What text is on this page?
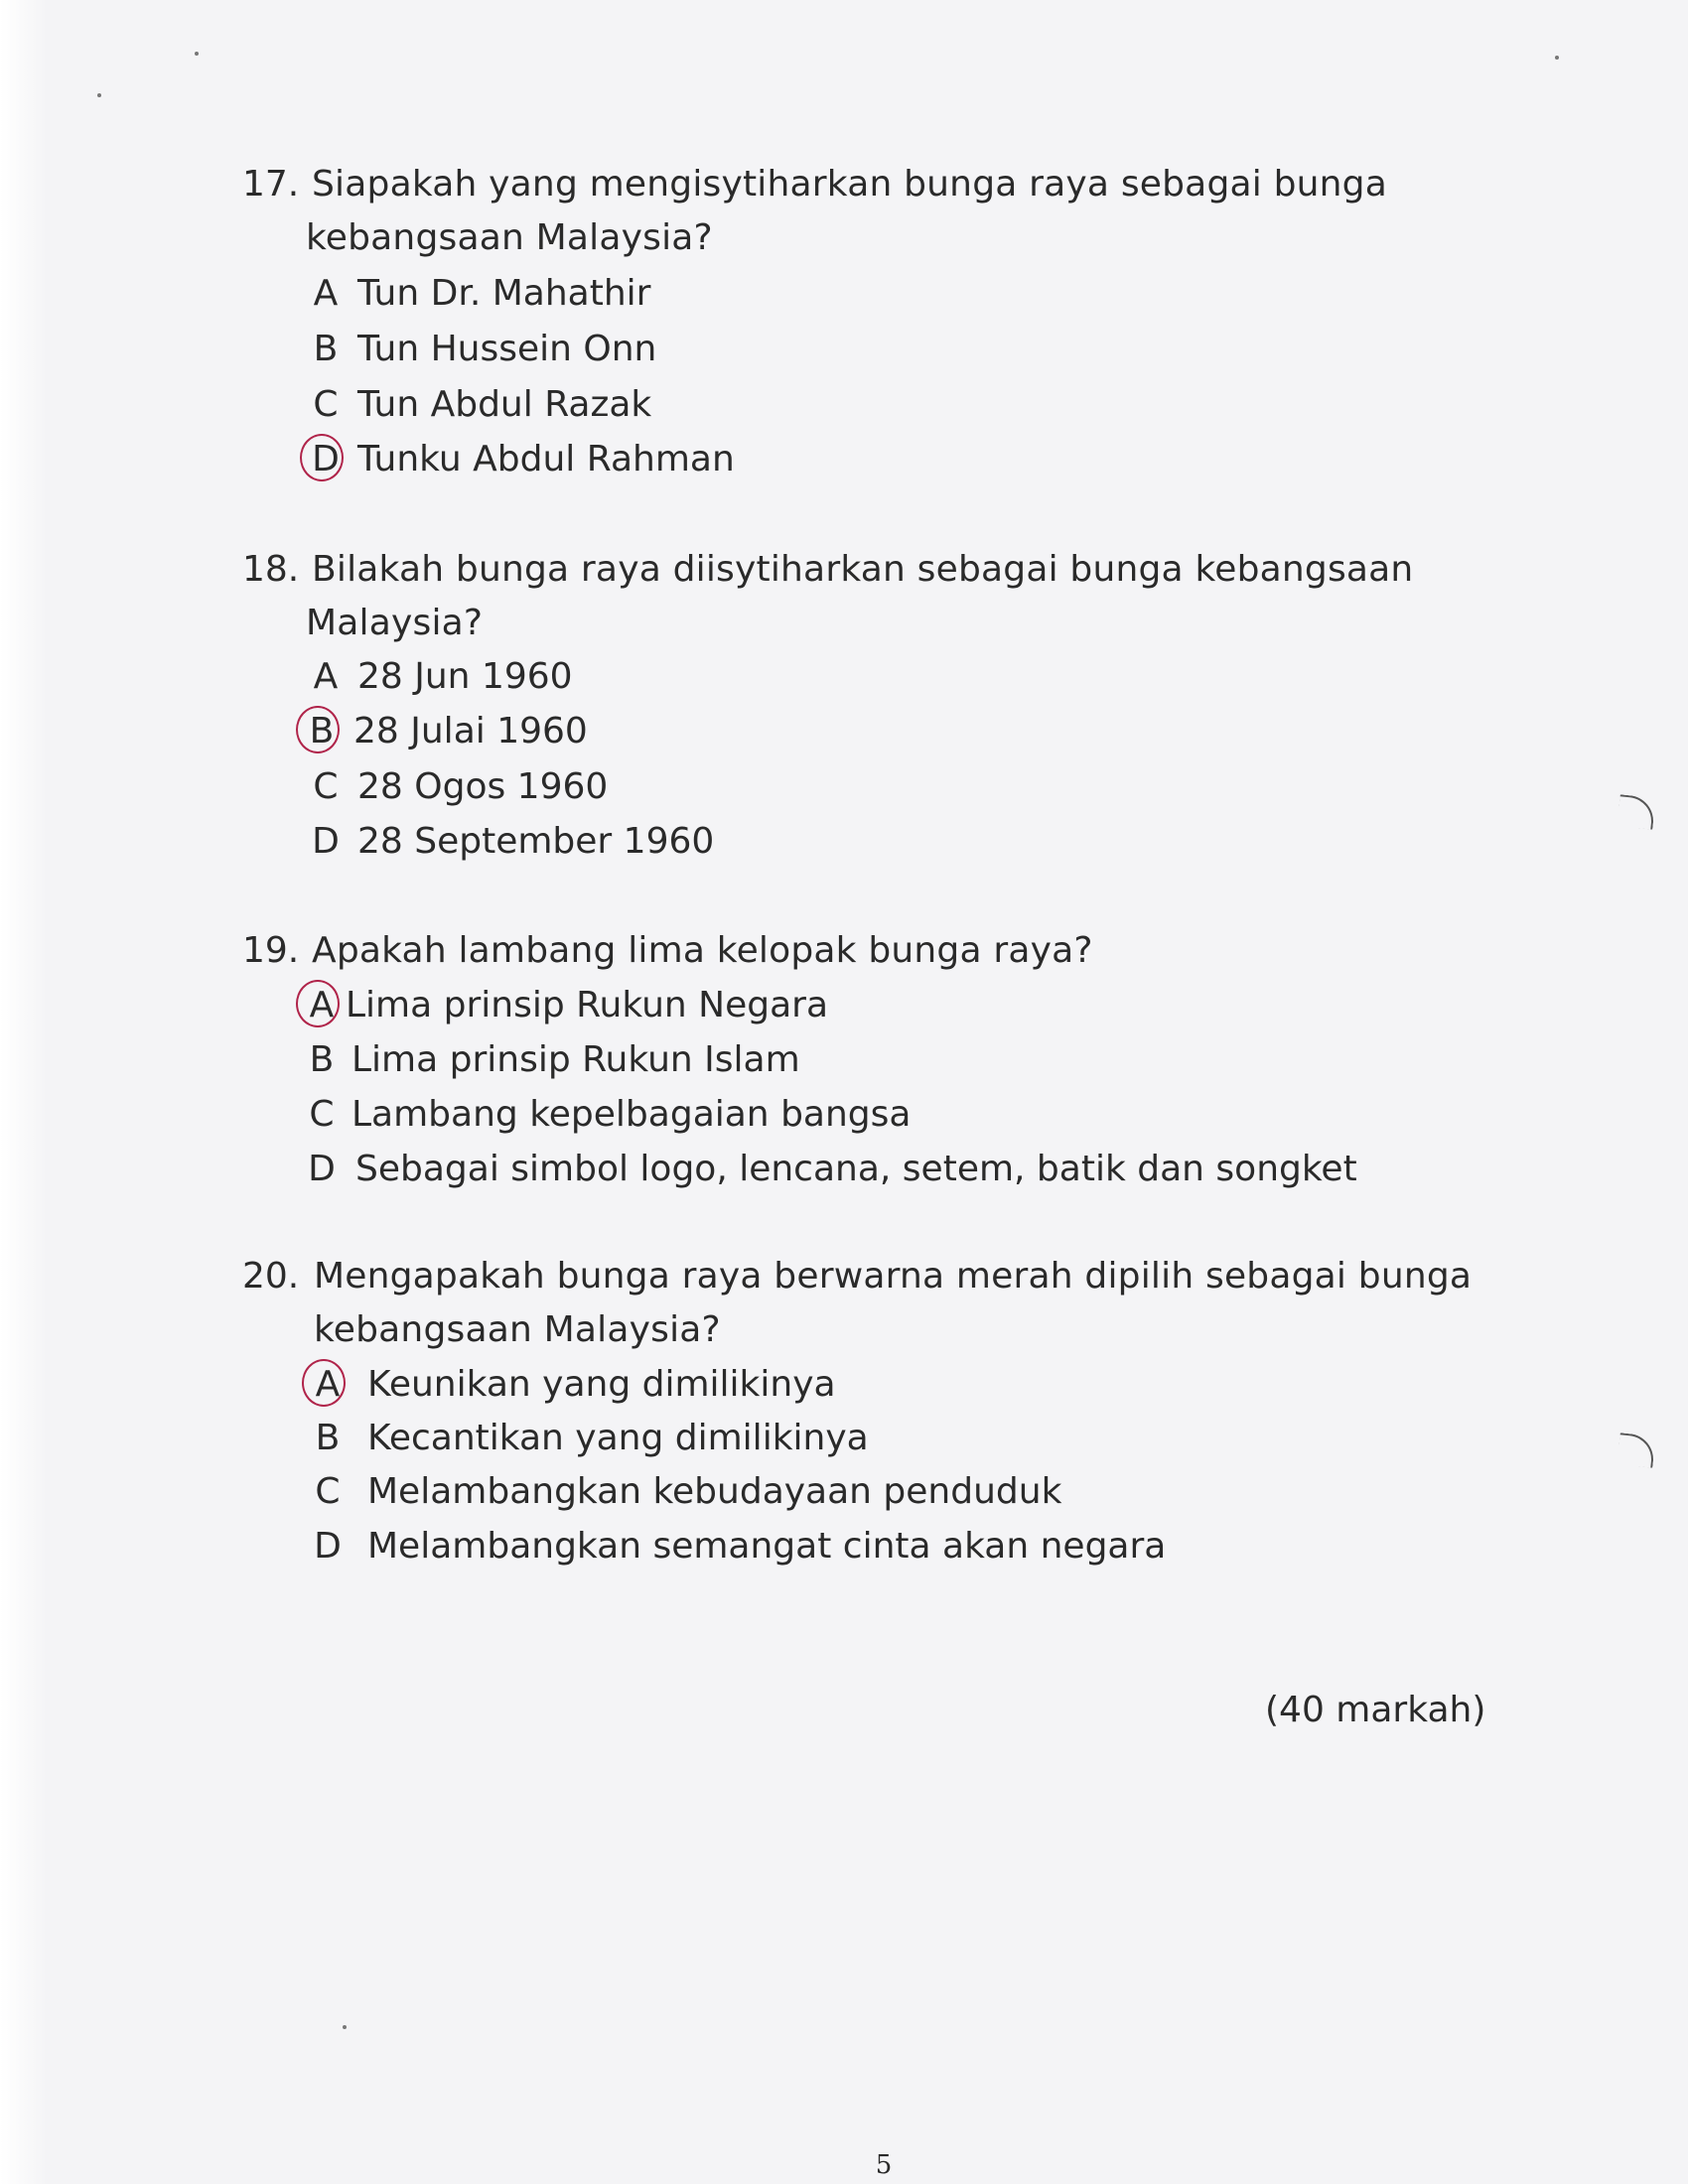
17. Siapakah yang mengisytiharkan bunga raya sebagai bunga
kebangsaan Malaysia?
A Tun Dr. Mahathir
B Tun Hussein Onn
C Tun Abdul Razak
D Tunku Abdul Rahman
18. Bilakah bunga raya diisytiharkan sebagai bunga kebangsaan
Malaysia?
A 28 Jun 1960
B 28 Julai 1960
C 28 Ogos 1960
D 28 September 1960
19. Apakah lambang lima kelopak bunga raya?
A Lima prinsip Rukun Negara
B Lima prinsip Rukun Islam
C Lambang kepelbagaian bangsa
D Sebagai simbol logo, lencana, setem, batik dan songket
20. Mengapakah bunga raya berwarna merah dipilih sebagai bunga
kebangsaan Malaysia?
A Keunikan yang dimilikinya
B Kecantikan yang dimilikinya
C Melambangkan kebudayaan penduduk
D Melambangkan semangat cinta akan negara
(40 markah)
5
